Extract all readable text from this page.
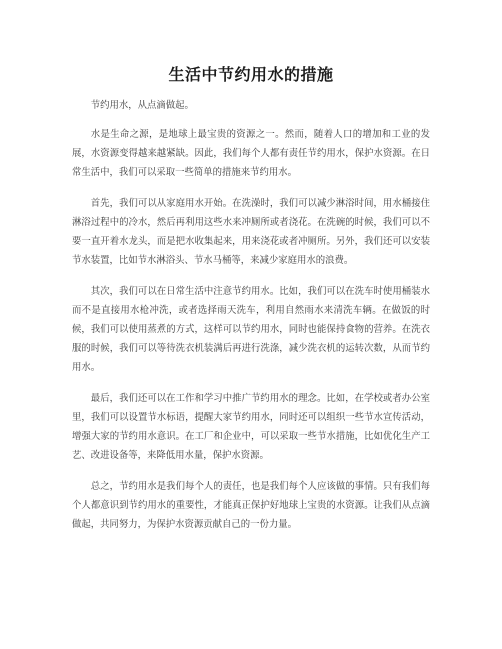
生活中节约用水的措施

节约用水，从点滴做起。

水是生命之源，是地球上最宝贵的资源之一。然而，随着人口的增加和工业的发展，水资源变得越来越紧缺。因此，我们每个人都有责任节约用水，保护水资源。在日常生活中，我们可以采取一些简单的措施来节约用水。

首先，我们可以从家庭用水开始。在洗澡时，我们可以减少淋浴时间，用水桶接住淋浴过程中的冷水，然后再利用这些水来冲厕所或者浇花。在洗碗的时候，我们可以不要一直开着水龙头，而是把水收集起来，用来浇花或者冲厕所。另外，我们还可以安装节水装置，比如节水淋浴头、节水马桶等，来减少家庭用水的浪费。

其次，我们可以在日常生活中注意节约用水。比如，我们可以在洗车时使用桶装水而不是直接用水枪冲洗，或者选择雨天洗车，利用自然雨水来清洗车辆。在做饭的时候，我们可以使用蒸煮的方式，这样可以节约用水，同时也能保持食物的营养。在洗衣服的时候，我们可以等待洗衣机装满后再进行洗涤，减少洗衣机的运转次数，从而节约用水。

最后，我们还可以在工作和学习中推广节约用水的理念。比如，在学校或者办公室里，我们可以设置节水标语，提醒大家节约用水，同时还可以组织一些节水宣传活动，增强大家的节约用水意识。在工厂和企业中，可以采取一些节水措施，比如优化生产工艺、改进设备等，来降低用水量，保护水资源。

总之，节约用水是我们每个人的责任，也是我们每个人应该做的事情。只有我们每个人都意识到节约用水的重要性，才能真正保护好地球上宝贵的水资源。让我们从点滴做起，共同努力，为保护水资源贡献自己的一份力量。
